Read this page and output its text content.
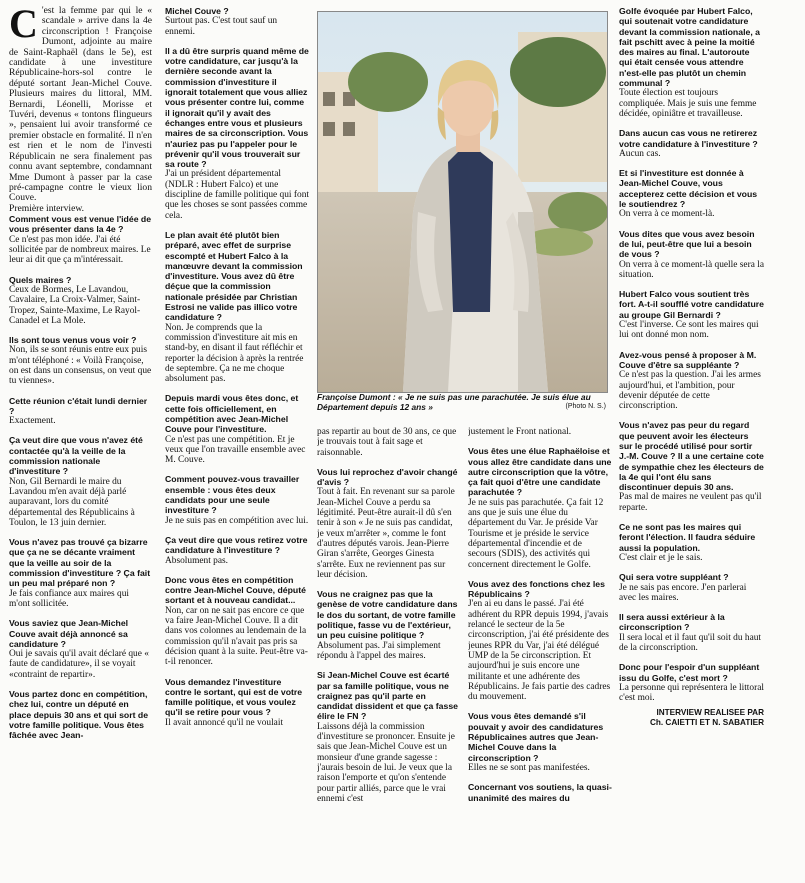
C 'est la femme par qui le « scandale » arrive dans la 4e circonscription ! Françoise Dumont, adjointe au maire de Saint-Raphaël (dans le 5e), est candidate à une investiture Républicaine-hors-sol contre le député sortant Jean-Michel Couve. Plusieurs maires du littoral, MM. Bernardi, Léonelli, Morisse et Tuvéri, devenus « tontons flingueurs », pensaient lui avoir transformé ce premier obstacle en formalité. Il n'en est rien et le nom de l'investi Républicain ne sera finalement pas connu avant septembre, condamnant Mme Dumont à passer par la case pré-campagne contre le vieux lion Couve.

Première interview.

Comment vous est venue l'idée de vous présenter dans la 4e ?

Ce n'est pas mon idée. J'ai été sollicitée par de nombreux maires. Le leur ai dit que ça m'intéressait.

Quels maires ?

Ceux de Bormes, Le Lavandou, Cavalaire, La Croix-Valmer, Saint-Tropez, Sainte-Maxime, Le Rayol-Canadel et La Mole.

Ils sont tous venus vous voir ?

Non, ils se sont réunis entre eux puis m'ont téléphoné : « Voilà Françoise, on est dans un consensus, on veut que tu viennes».

Cette réunion c'était lundi dernier ?

Exactement.

Ça veut dire que vous n'avez été contactée qu'à la veille de la commission nationale d'investiture ?

Non, Gil Bernardi le maire du Lavandou m'en avait déjà parlé auparavant, lors du comité départemental des Républicains à Toulon, le 13 juin dernier.

Vous n'avez pas trouvé ça bizarre que ça ne se décante vraiment que la veille au soir de la commission d'investiture ? Ça fait un peu mal préparé non ?

Je fais confiance aux maires qui m'ont sollicitée.

Vous saviez que Jean-Michel Couve avait déjà annoncé sa candidature ?

Oui je savais qu'il avait déclaré que « faute de candidature», il se voyait «contraint de repartir».

Vous partez donc en compétition, chez lui, contre un député en place depuis 30 ans et qui sort de votre famille politique. Vous êtes fâchée avec Jean-

Michel Couve ?

Surtout pas. C'est tout sauf un ennemi.

Il a dû être surpris quand même de votre candidature, car jusqu'à la dernière seconde avant la commission d'investiture il ignorait totalement que vous alliez vous présenter contre lui, comme il ignorait qu'il y avait des échanges entre vous et plusieurs maires de sa circonscription. Vous n'auriez pas pu l'appeler pour le prévenir qu'il vous trouverait sur sa route ?

J'ai un président départemental (NDLR : Hubert Falco) et une discipline de famille politique qui font que les choses se sont passées comme cela.

Le plan avait été plutôt bien préparé, avec effet de surprise escompté et Hubert Falco à la manœuvre devant la commission d'investiture. Vous avez dû être déçue que la commission nationale présidée par Christian Estrosi ne valide pas illico votre candidature ?

Non. Je comprends que la commission d'investiture ait mis en stand-by, en disant il faut réfléchir et reporter la décision à après la rentrée de septembre. Ça ne me choque absolument pas.

Depuis mardi vous êtes donc, et cette fois officiellement, en compétition avec Jean-Michel Couve pour l'investiture.

Ce n'est pas une compétition. Et je veux que l'on travaille ensemble avec M. Couve.

Comment pouvez-vous travailler ensemble : vous êtes deux candidats pour une seule investiture ?

Je ne suis pas en compétition avec lui.

Ça veut dire que vous retirez votre candidature à l'investiture ?

Absolument pas.

Donc vous êtes en compétition contre Jean-Michel Couve, député sortant et à nouveau candidat...

Non, car on ne sait pas encore ce que va faire Jean-Michel Couve. Il a dit dans vos colonnes au lendemain de la commission qu'il n'avait pas pris sa décision quant à la suite. Peut-être va-t-il renoncer.

Vous demandez l'investiture contre le sortant, qui est de votre famille politique, et vous voulez qu'il se retire pour vous ?

Il avait annoncé qu'il ne voulait

Françoise Dumont : « Je ne suis pas une parachutée. Je suis élue au Département depuis 12 ans »	(Photo N. S.)

pas repartir au bout de 30 ans, ce que je trouvais tout à fait sage et raisonnable.

Vous lui reprochez d'avoir changé d'avis ?

Tout à fait. En revenant sur sa parole Jean-Michel Couve a perdu sa légitimité. Peut-être aurait-il dû s'en tenir à son « Je ne suis pas candidat, je veux m'arrêter », comme le font d'autres députés varois. Jean-Pierre Giran s'arrête, Georges Ginesta s'arrête. Eux ne reviennent pas sur leur décision.

Vous ne craignez pas que la genèse de votre candidature dans le dos du sortant, de votre famille politique, fasse vu de l'extérieur, un peu cuisine politique ?

Absolument pas. J'ai simplement répondu à l'appel des maires.

Si Jean-Michel Couve est écarté par sa famille politique, vous ne craignez pas qu'il parte en candidat dissident et que ça fasse élire le FN ?

Laissons déjà la commission d'investiture se prononcer. Ensuite je sais que Jean-Michel Couve est un monsieur d'une grande sagesse : j'aurais besoin de lui. Je veux que la raison l'emporte et qu'on s'entende pour partir alliés, parce que le vrai ennemi c'est

justement le Front national.

Vous êtes une élue Raphaëloise et vous allez être candidate dans une autre circonscription que la vôtre, ça fait quoi d'être une candidate parachutée ?

Je ne suis pas parachutée. Ça fait 12 ans que je suis une élue du département du Var. Je préside Var Tourisme et je préside le service départemental d'incendie et de secours (SDIS), des activités qui concernent directement le Golfe.

Vous avez des fonctions chez les Républicains ?

J'en ai eu dans le passé. J'ai été adhérent du RPR depuis 1994, j'avais relancé le secteur de la 5e circonscription, j'ai été présidente des jeunes RPR du Var, j'ai été délégué UMP de la 5e circonscription. Et aujourd'hui je suis encore une militante et une adhérente des Républicains. Je fais partie des cadres du mouvement.

Vous vous êtes demandé s'il pouvait y avoir des candidatures Républicaines autres que Jean-Michel Couve dans la circonscription ?

Elles ne se sont pas manifestées.

Concernant vos soutiens, la quasi-unanimité des maires du

Golfe évoquée par Hubert Falco, qui soutenait votre candidature devant la commission nationale, a fait pschitt avec à peine la moitié des maires au final. L'autoroute qui était censée vous attendre n'est-elle pas plutôt un chemin communal ?

Toute élection est toujours compliquée. Mais je suis une femme décidée, opiniâtre et travailleuse.

Dans aucun cas vous ne retirerez votre candidature à l'investiture ?

Aucun cas.

Et si l'investiture est donnée à Jean-Michel Couve, vous accepterez cette décision et vous le soutiendrez ?

On verra à ce moment-là.

Vous dites que vous avez besoin de lui, peut-être que lui a besoin de vous ?

On verra à ce moment-là quelle sera la situation.

Hubert Falco vous soutient très fort. A-t-il soufflé votre candidature au groupe Gil Bernardi ?

C'est l'inverse. Ce sont les maires qui lui ont donné mon nom.

Avez-vous pensé à proposer à M. Couve d'être sa suppléante ?

Ce n'est pas la question. J'ai les armes aujourd'hui, et l'ambition, pour devenir députée de cette circonscription.

Vous n'avez pas peur du regard que peuvent avoir les électeurs sur le procédé utilisé pour sortir J.-M. Couve ? Il a une certaine cote de sympathie chez les électeurs de la 4e qui l'ont élu sans discontinuer depuis 30 ans.

Pas mal de maires ne veulent pas qu'il reparte.

Ce ne sont pas les maires qui feront l'élection. Il faudra séduire aussi la population.

C'est clair et je le sais.

Qui sera votre suppléant ?

Je ne sais pas encore. J'en parlerai avec les maires.

Il sera aussi extérieur à la circonscription ?

Il sera local et il faut qu'il soit du haut de la circonscription.

Donc pour l'espoir d'un suppléant issu du Golfe, c'est mort ?

La personne qui représentera le littoral c'est moi.

INTERVIEW REALISEE PAR
Ch. CAIETTI ET N. SABATIER
